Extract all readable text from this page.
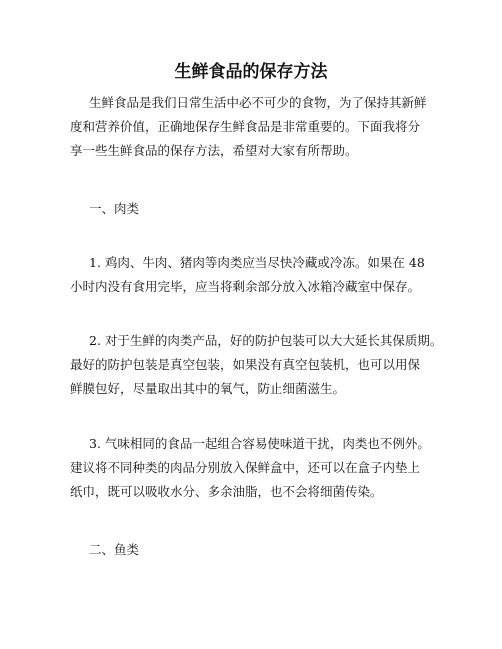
生鲜食品的保存方法
生鲜食品是我们日常生活中必不可少的食物，为了保持其新鲜
度和营养价值，正确地保存生鲜食品是非常重要的。下面我将分
享一些生鲜食品的保存方法，希望对大家有所帮助。
一、肉类
1. 鸡肉、牛肉、猪肉等肉类应当尽快冷藏或冷冻。如果在 48
小时内没有食用完毕，应当将剩余部分放入冰箱冷藏室中保存。
2. 对于生鲜的肉类产品，好的防护包装可以大大延长其保质期。
最好的防护包装是真空包装，如果没有真空包装机，也可以用保
鲜膜包好，尽量取出其中的氧气，防止细菌滋生。
3. 气味相同的食品一起组合容易使味道干扰，肉类也不例外。
建议将不同种类的肉品分别放入保鲜盒中，还可以在盒子内垫上
纸巾，既可以吸收水分、多余油脂，也不会将细菌传染。
二、鱼类
